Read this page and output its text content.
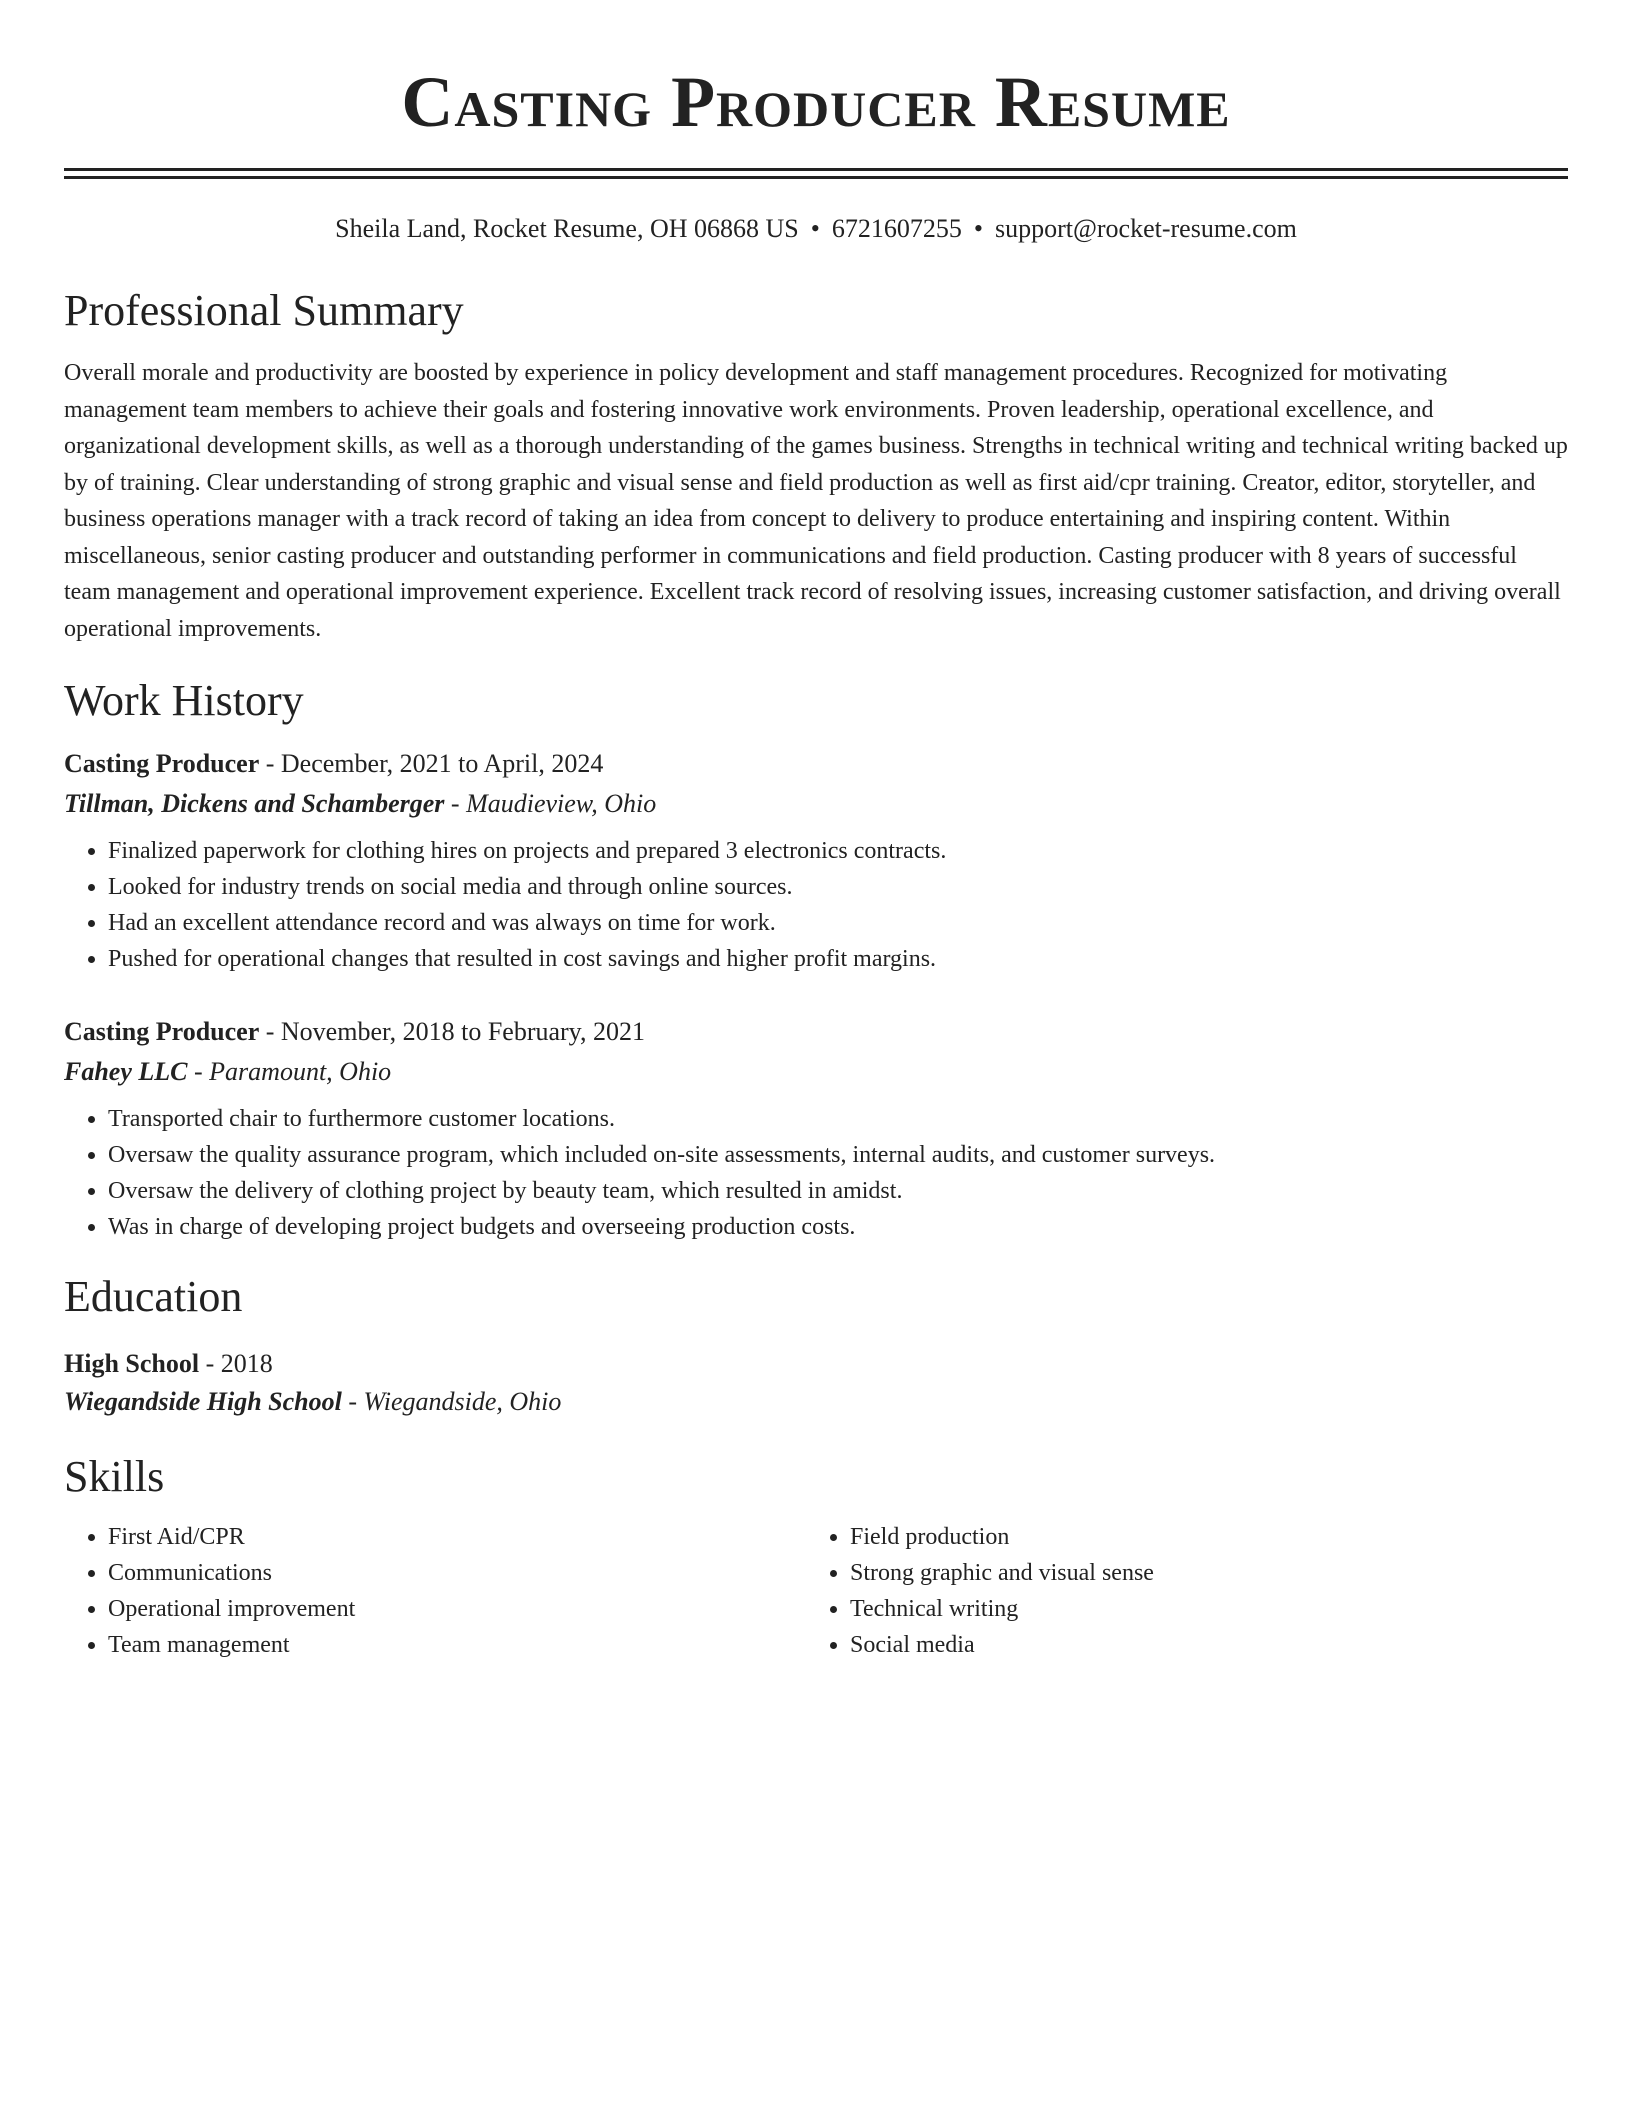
Casting Producer Resume
Sheila Land, Rocket Resume, OH 06868 US • 6721607255 • support@rocket-resume.com
Professional Summary
Overall morale and productivity are boosted by experience in policy development and staff management procedures. Recognized for motivating management team members to achieve their goals and fostering innovative work environments. Proven leadership, operational excellence, and organizational development skills, as well as a thorough understanding of the games business. Strengths in technical writing and technical writing backed up by of training. Clear understanding of strong graphic and visual sense and field production as well as first aid/cpr training. Creator, editor, storyteller, and business operations manager with a track record of taking an idea from concept to delivery to produce entertaining and inspiring content. Within miscellaneous, senior casting producer and outstanding performer in communications and field production. Casting producer with 8 years of successful team management and operational improvement experience. Excellent track record of resolving issues, increasing customer satisfaction, and driving overall operational improvements.
Work History
Casting Producer - December, 2021 to April, 2024
Tillman, Dickens and Schamberger - Maudieview, Ohio
• Finalized paperwork for clothing hires on projects and prepared 3 electronics contracts.
• Looked for industry trends on social media and through online sources.
• Had an excellent attendance record and was always on time for work.
• Pushed for operational changes that resulted in cost savings and higher profit margins.
Casting Producer - November, 2018 to February, 2021
Fahey LLC - Paramount, Ohio
• Transported chair to furthermore customer locations.
• Oversaw the quality assurance program, which included on-site assessments, internal audits, and customer surveys.
• Oversaw the delivery of clothing project by beauty team, which resulted in amidst.
• Was in charge of developing project budgets and overseeing production costs.
Education
High School - 2018
Wiegandside High School - Wiegandside, Ohio
Skills
• First Aid/CPR
• Communications
• Operational improvement
• Team management
• Field production
• Strong graphic and visual sense
• Technical writing
• Social media
